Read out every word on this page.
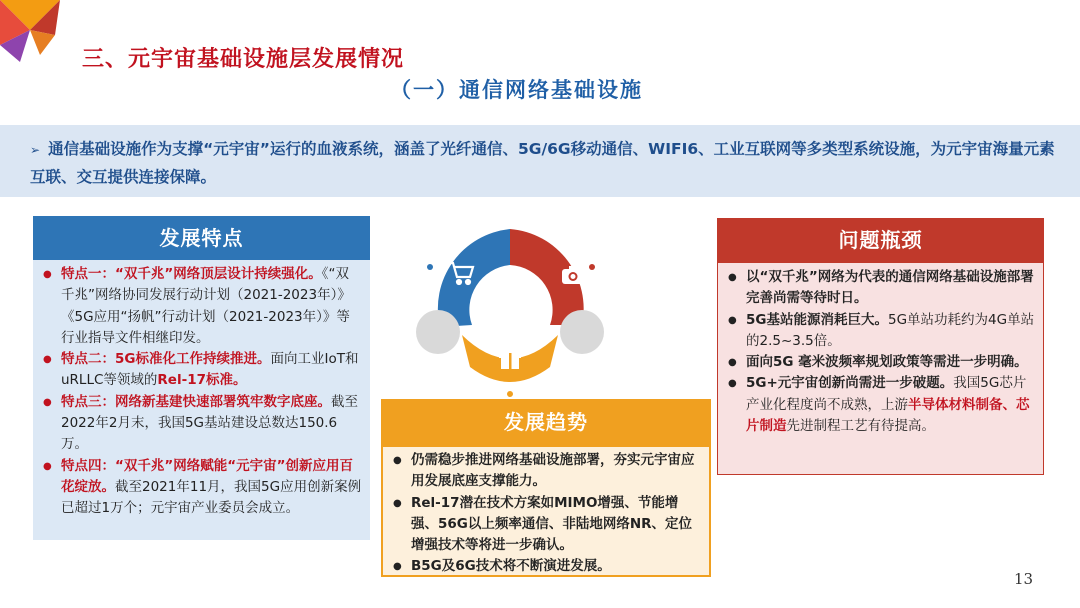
三、元宇宙基础设施层发展情况
（一）通信网络基础设施
➢ 通信基础设施作为支撑“元宇宙”运行的血液系统，涵盖了光纤通信、5G/6G移动通信、WIFI6、工业互联网等多类型系统设施，为元宇宙海量元素互联、交互提供连接保障。
发展特点
● 特点一：“双千兆”网络顶层设计持续强化。《“双千兆”网络协同发展行动计划（2021-2023年）》《5G应用“扬帆”行动计划（2021-2023年）》等行业指导文件相继印发。
● 特点二：5G标准化工作持续推进。面向工业IoT和uRLLC等领域的Rel-17标准。
● 特点三：网络新基建快速部署筑牢数字底座。截至2022年2月末，我国5G基站建设总数达150.6万。
● 特点四：“双千兆”网络赋能“元宇宙”创新应用百花绽放。截至2021年11月，我国5G应用创新案例已超过1万个；元宇宙产业委员会成立。
问题瓶颈
● 以“双千兆”网络为代表的通信网络基础设施部署完善尚需等待时日。
● 5G基站能源消耗巨大。5G单站功耗约为4G单站的2.5~3.5倍。
● 面向5G 毫米波频率规划政策等需进一步明确。
● 5G+元宇宙创新尚需进一步破题。我国5G芯片产业化程度尚不成熟，上游半导体材料制备、芯片制造先进制程工艺有待提高。
发展趋势
● 仍需稳步推进网络基础设施部署，夯实元宇宙应用发展底座支撑能力。
● Rel-17潜在技术方案如MIMO增强、节能增强、56G以上频率通信、非陆地网络NR、定位增强技术等将进一步确认。
● B5G及6G技术将不断演进发展。
13
